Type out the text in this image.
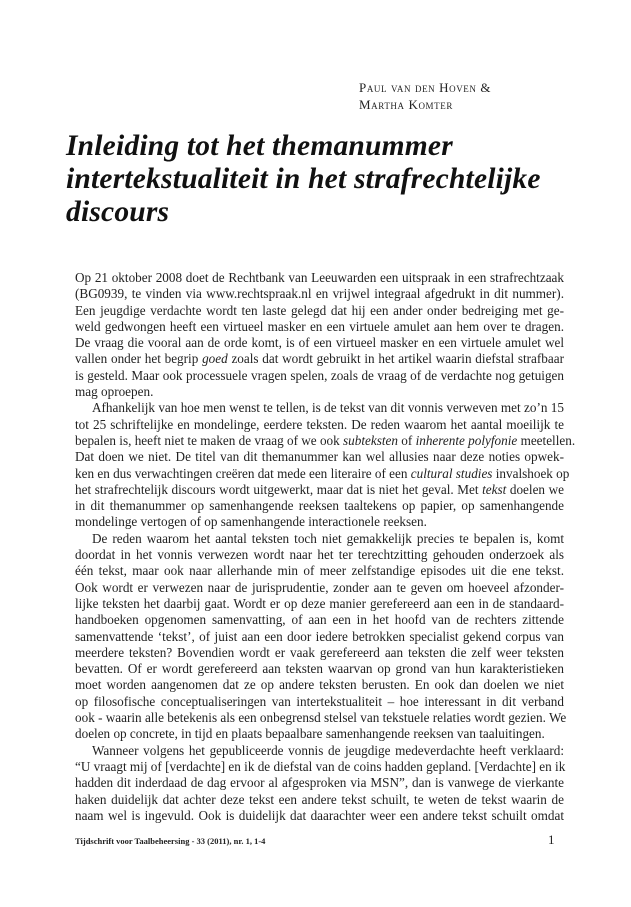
Paul van den Hoven &
Martha Komter
Inleiding tot het themanummer
intertekstualiteit in het strafrechtelijke
discours
Op 21 oktober 2008 doet de Rechtbank van Leeuwarden een uitspraak in een strafrechtzaak
(BG0939, te vinden via www.rechtspraak.nl en vrijwel integraal afgedrukt in dit nummer).
Een jeugdige verdachte wordt ten laste gelegd dat hij een ander onder bedreiging met ge-
weld gedwongen heeft een virtueel masker en een virtuele amulet aan hem over te dragen.
De vraag die vooral aan de orde komt, is of een virtueel masker en een virtuele amulet wel
vallen onder het begrip goed zoals dat wordt gebruikt in het artikel waarin diefstal strafbaar
is gesteld. Maar ook processuele vragen spelen, zoals de vraag of de verdachte nog getuigen
mag oproepen.
Afhankelijk van hoe men wenst te tellen, is de tekst van dit vonnis verweven met zo’n 15
tot 25 schriftelijke en mondelinge, eerdere teksten. De reden waarom het aantal moeilijk te
bepalen is, heeft niet te maken de vraag of we ook subteksten of inherente polyfonie meetellen.
Dat doen we niet. De titel van dit themanummer kan wel allusies naar deze noties opwek-
ken en dus verwachtingen creëren dat mede een literaire of een cultural studies invalshoek op
het strafrechtelijk discours wordt uitgewerkt, maar dat is niet het geval. Met tekst doelen we
in dit themanummer op samenhangende reeksen taaltekens op papier, op samenhangende
mondelinge vertogen of op samenhangende interactionele reeksen.
De reden waarom het aantal teksten toch niet gemakkelijk precies te bepalen is, komt
doordat in het vonnis verwezen wordt naar het ter terechtzitting gehouden onderzoek als
één tekst, maar ook naar allerhande min of meer zelfstandige episodes uit die ene tekst.
Ook wordt er verwezen naar de jurisprudentie, zonder aan te geven om hoeveel afzonder-
lijke teksten het daarbij gaat. Wordt er op deze manier gerefereerd aan een in de standaard-
handboeken opgenomen samenvatting, of aan een in het hoofd van de rechters zittende
samenvattende ‘tekst’, of juist aan een door iedere betrokken specialist gekend corpus van
meerdere teksten? Bovendien wordt er vaak gerefereerd aan teksten die zelf weer teksten
bevatten. Of er wordt gerefereerd aan teksten waarvan op grond van hun karakteristieken
moet worden aangenomen dat ze op andere teksten berusten. En ook dan doelen we niet
op filosofische conceptualiseringen van intertekstualiteit – hoe interessant in dit verband
ook - waarin alle betekenis als een onbegrensd stelsel van tekstuele relaties wordt gezien. We
doelen op concrete, in tijd en plaats bepaalbare samenhangende reeksen van taaluitingen.
Wanneer volgens het gepubliceerde vonnis de jeugdige medeverdachte heeft verklaard:
“U vraagt mij of [verdachte] en ik de diefstal van de coins hadden gepland. [Verdachte] en ik
hadden dit inderdaad de dag ervoor al afgesproken via MSN”, dan is vanwege de vierkante
haken duidelijk dat achter deze tekst een andere tekst schuilt, te weten de tekst waarin de
naam wel is ingevuld. Ook is duidelijk dat daarachter weer een andere tekst schuilt omdat
Tijdschrift voor Taalbeheersing - 33 (2011), nr. 1, 1-4	1
